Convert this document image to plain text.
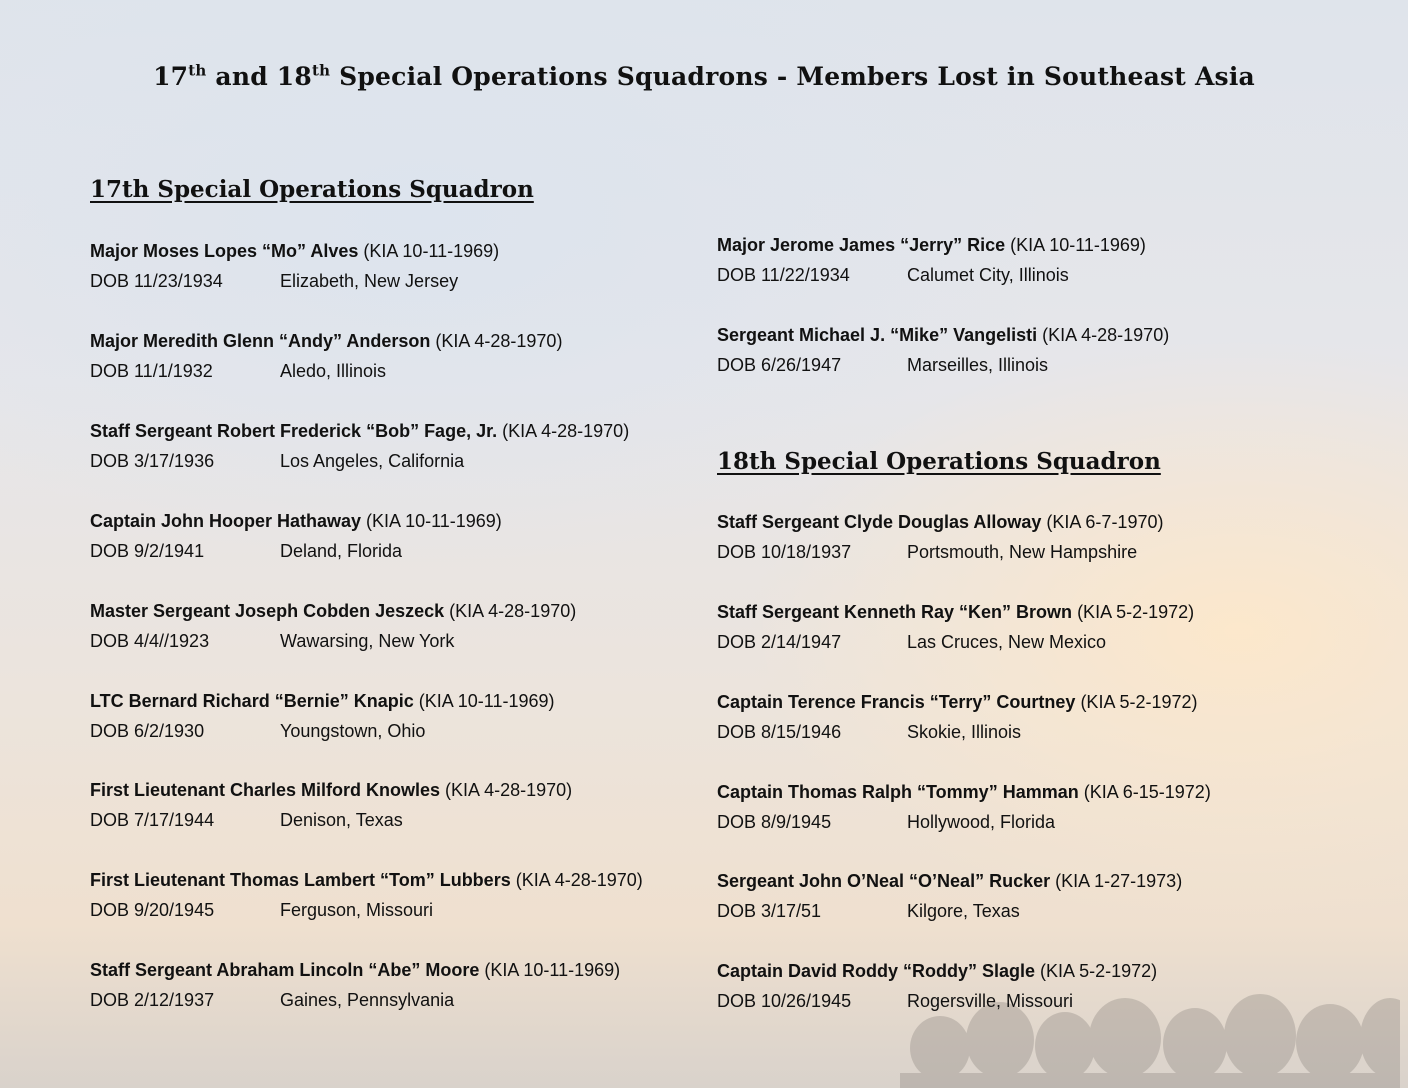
17th and 18th Special Operations Squadrons - Members Lost in Southeast Asia
17th Special Operations Squadron
Major Moses Lopes “Mo” Alves (KIA 10-11-1969)
DOB 11/23/1934	Elizabeth, New Jersey
Major Meredith Glenn “Andy” Anderson (KIA 4-28-1970)
DOB 11/1/1932	Aledo, Illinois
Staff Sergeant Robert Frederick “Bob” Fage, Jr. (KIA 4-28-1970)
DOB 3/17/1936	Los Angeles, California
Captain John Hooper Hathaway (KIA 10-11-1969)
DOB 9/2/1941	Deland, Florida
Master Sergeant Joseph Cobden Jeszeck (KIA 4-28-1970)
DOB 4/4//1923	Wawarsing, New York
LTC Bernard Richard “Bernie” Knapic (KIA 10-11-1969)
DOB 6/2/1930	Youngstown, Ohio
First Lieutenant Charles Milford Knowles (KIA 4-28-1970)
DOB 7/17/1944	Denison, Texas
First Lieutenant Thomas Lambert “Tom” Lubbers (KIA 4-28-1970)
DOB 9/20/1945	Ferguson, Missouri
Staff Sergeant Abraham Lincoln “Abe” Moore (KIA 10-11-1969)
DOB 2/12/1937	Gaines, Pennsylvania
Major Jerome James “Jerry” Rice (KIA 10-11-1969)
DOB 11/22/1934	Calumet City, Illinois
Sergeant Michael J. “Mike” Vangelisti (KIA 4-28-1970)
DOB 6/26/1947	Marseilles, Illinois
18th Special Operations Squadron
Staff Sergeant Clyde Douglas Alloway (KIA 6-7-1970)
DOB 10/18/1937	Portsmouth, New Hampshire
Staff Sergeant Kenneth Ray “Ken” Brown (KIA 5-2-1972)
DOB 2/14/1947	Las Cruces, New Mexico
Captain Terence Francis “Terry” Courtney (KIA 5-2-1972)
DOB 8/15/1946	Skokie, Illinois
Captain Thomas Ralph “Tommy” Hamman (KIA 6-15-1972)
DOB 8/9/1945	Hollywood, Florida
Sergeant John O’Neal “O’Neal” Rucker (KIA 1-27-1973)
DOB 3/17/51	Kilgore, Texas
Captain David Roddy “Roddy” Slagle (KIA 5-2-1972)
DOB 10/26/1945	Rogersville, Missouri
